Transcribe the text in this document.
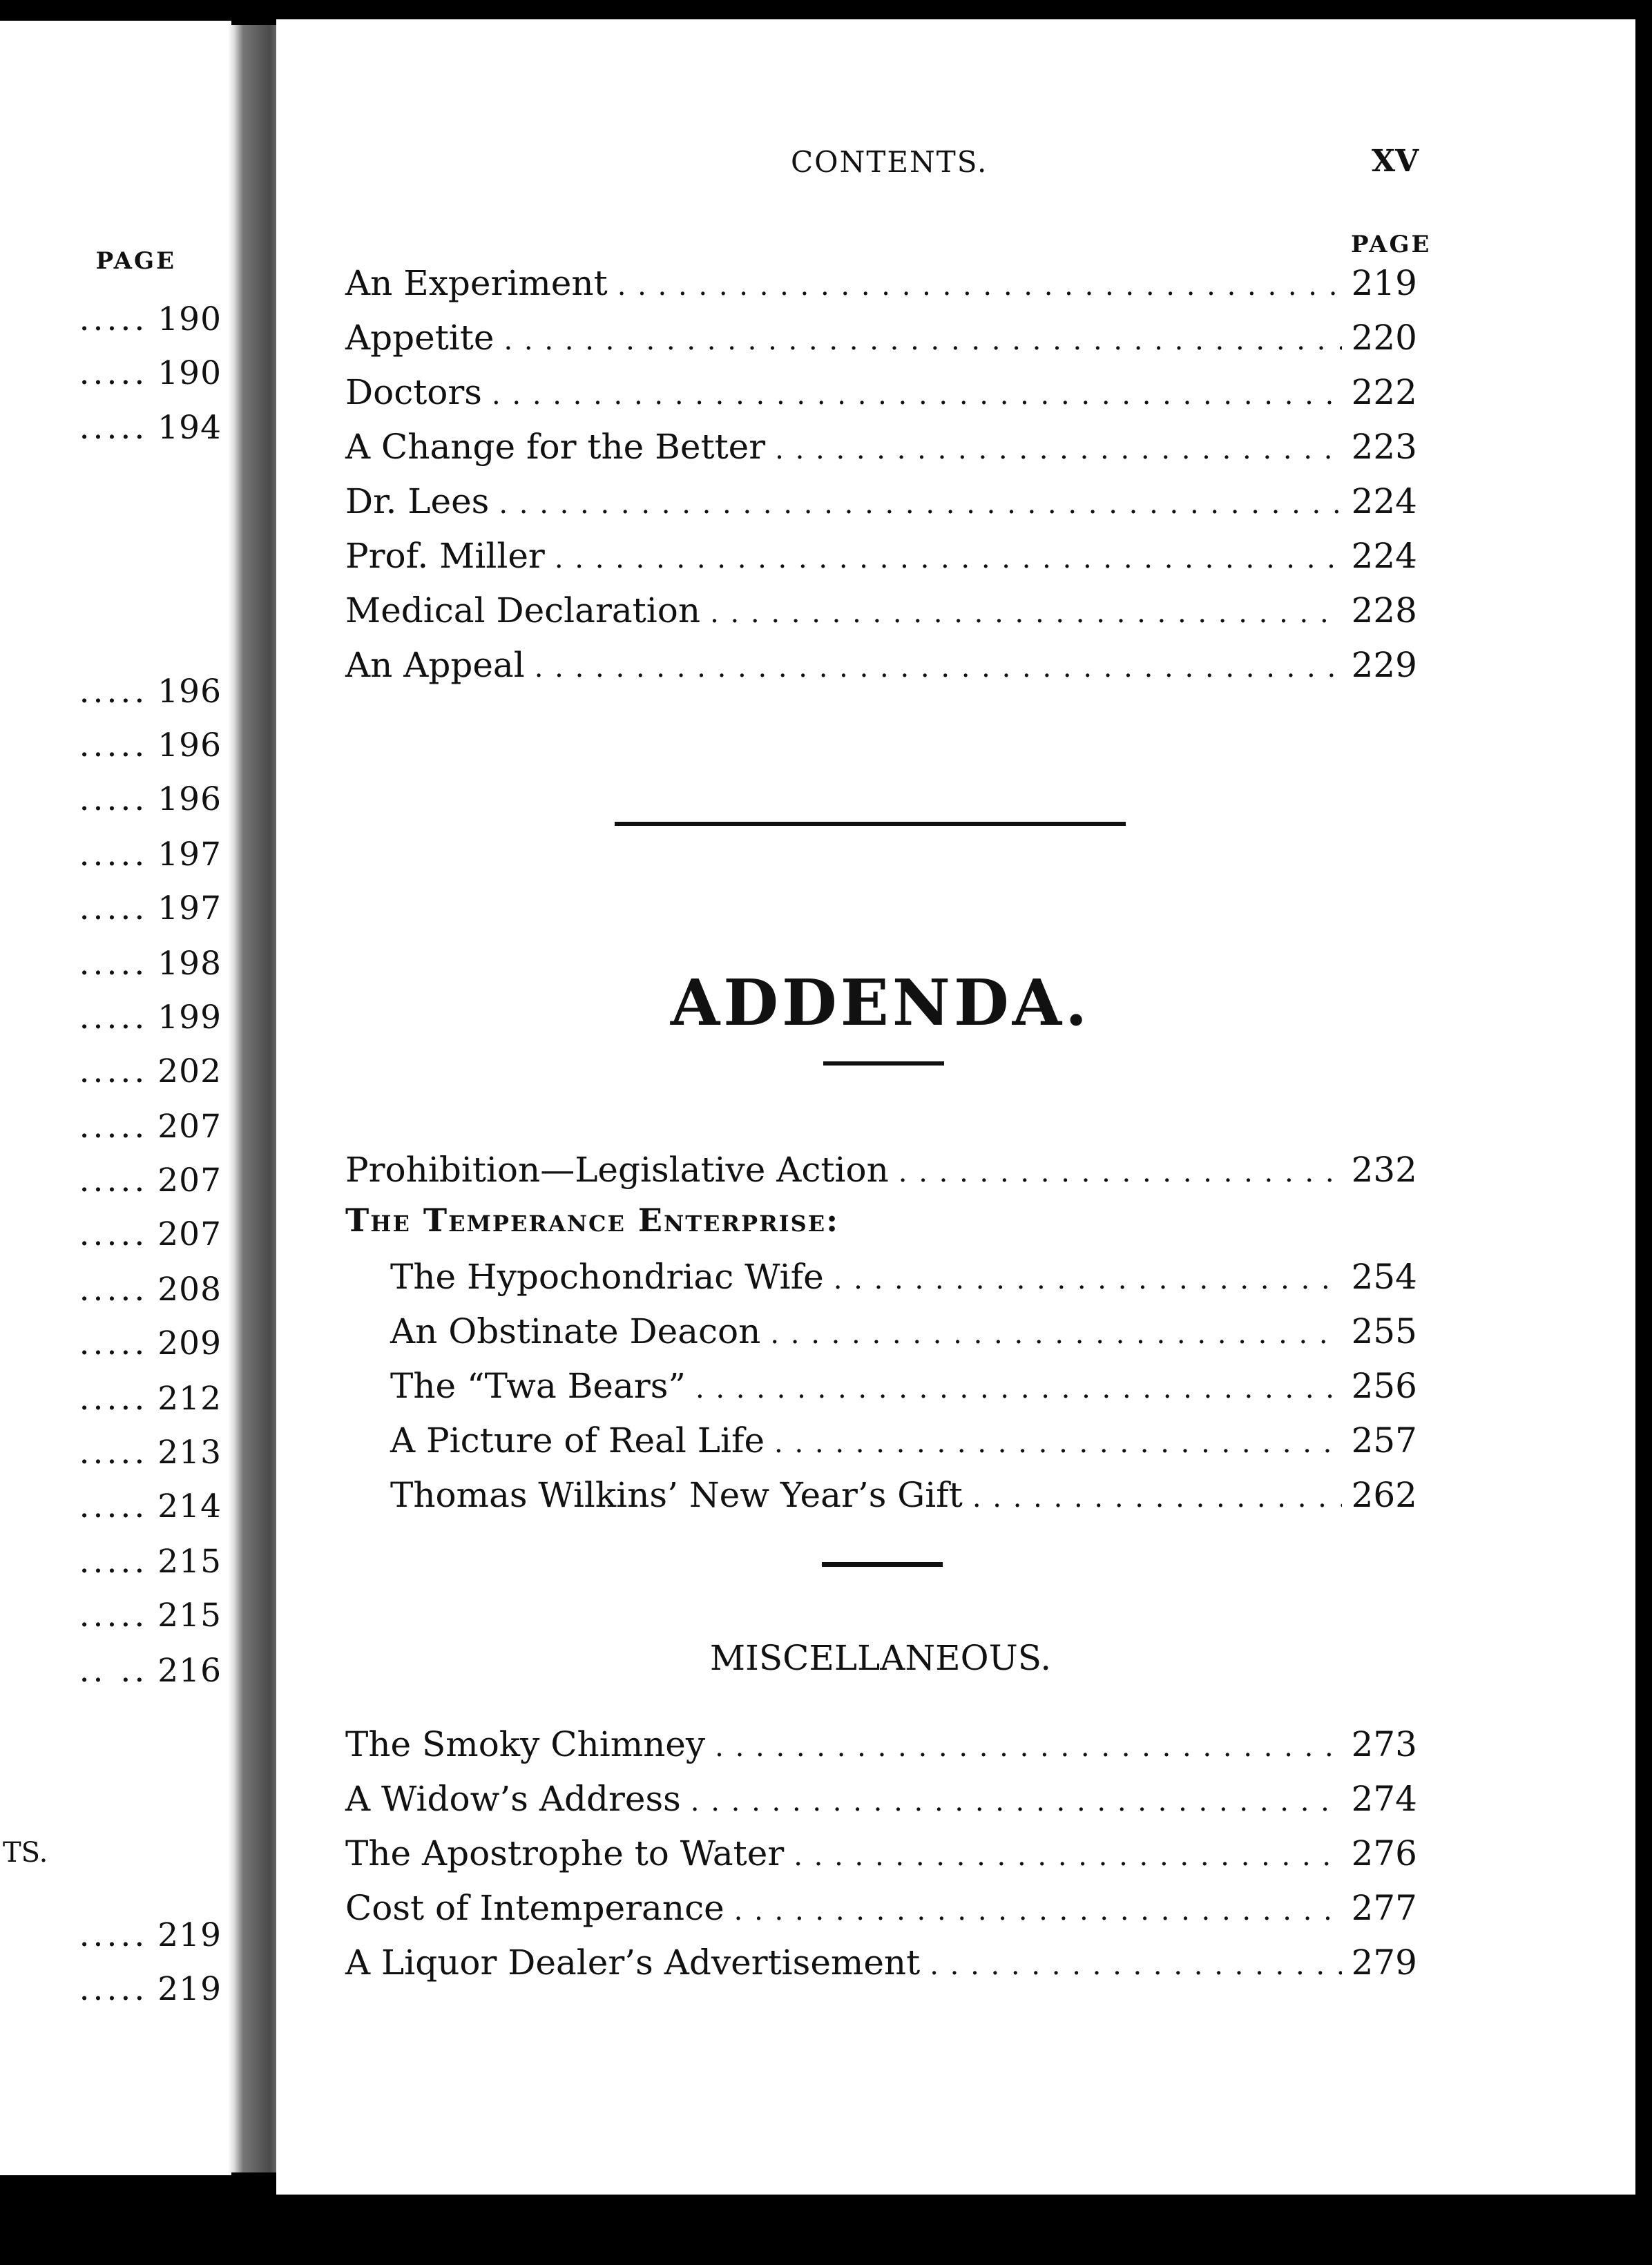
PAGE
..... 190
..... 190
..... 194
..... 196
..... 196
..... 196
..... 197
..... 197
..... 198
..... 199
..... 202
..... 207
..... 207
..... 207
..... 208
..... 209
..... 212
..... 213
..... 214
..... 215
..... 215
.. .. 216
TS.
..... 219
..... 219
CONTENTS.	XV
PAGE
An Experiment . . .	219
Appetite . . .	220
Doctors . . .	222
A Change for the Better . . .	223
Dr. Lees . . .	224
Prof. Miller . . .	224
Medical Declaration . . .	228
An Appeal . . .	229
ADDENDA.
Prohibition—Legislative Action . . .	232
The Temperance Enterprise:
The Hypochondriac Wife . . .	254
An Obstinate Deacon . . .	255
The “Twa Bears” . . .	256
A Picture of Real Life . . .	257
Thomas Wilkins’ New Year’s Gift . . .	262
MISCELLANEOUS.
The Smoky Chimney . . .	273
A Widow’s Address . . .	274
The Apostrophe to Water . . .	276
Cost of Intemperance . . .	277
A Liquor Dealer’s Advertisement . . .	279
